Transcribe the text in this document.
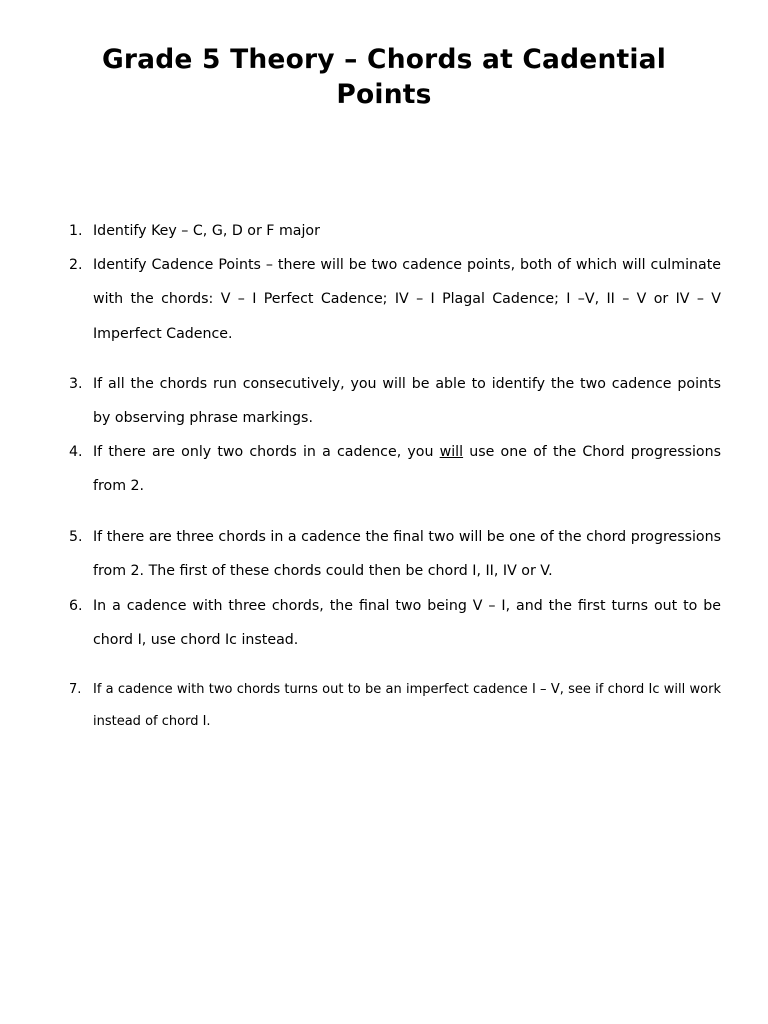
Grade 5 Theory – Chords at Cadential Points
1. Identify Key – C, G, D or F major
2. Identify Cadence Points – there will be two cadence points, both of which will culminate with the chords: V – I Perfect Cadence; IV – I Plagal Cadence; I –V, II – V or IV – V Imperfect Cadence.
3. If all the chords run consecutively, you will be able to identify the two cadence points by observing phrase markings.
4. If there are only two chords in a cadence, you will use one of the Chord progressions from 2.
5. If there are three chords in a cadence the final two will be one of the chord progressions from 2. The first of these chords could then be chord I, II, IV or V.
6. In a cadence with three chords, the final two being V – I, and the first turns out to be chord I, use chord Ic instead.
7. If a cadence with two chords turns out to be an imperfect cadence I – V, see if chord Ic will work instead of chord I.
